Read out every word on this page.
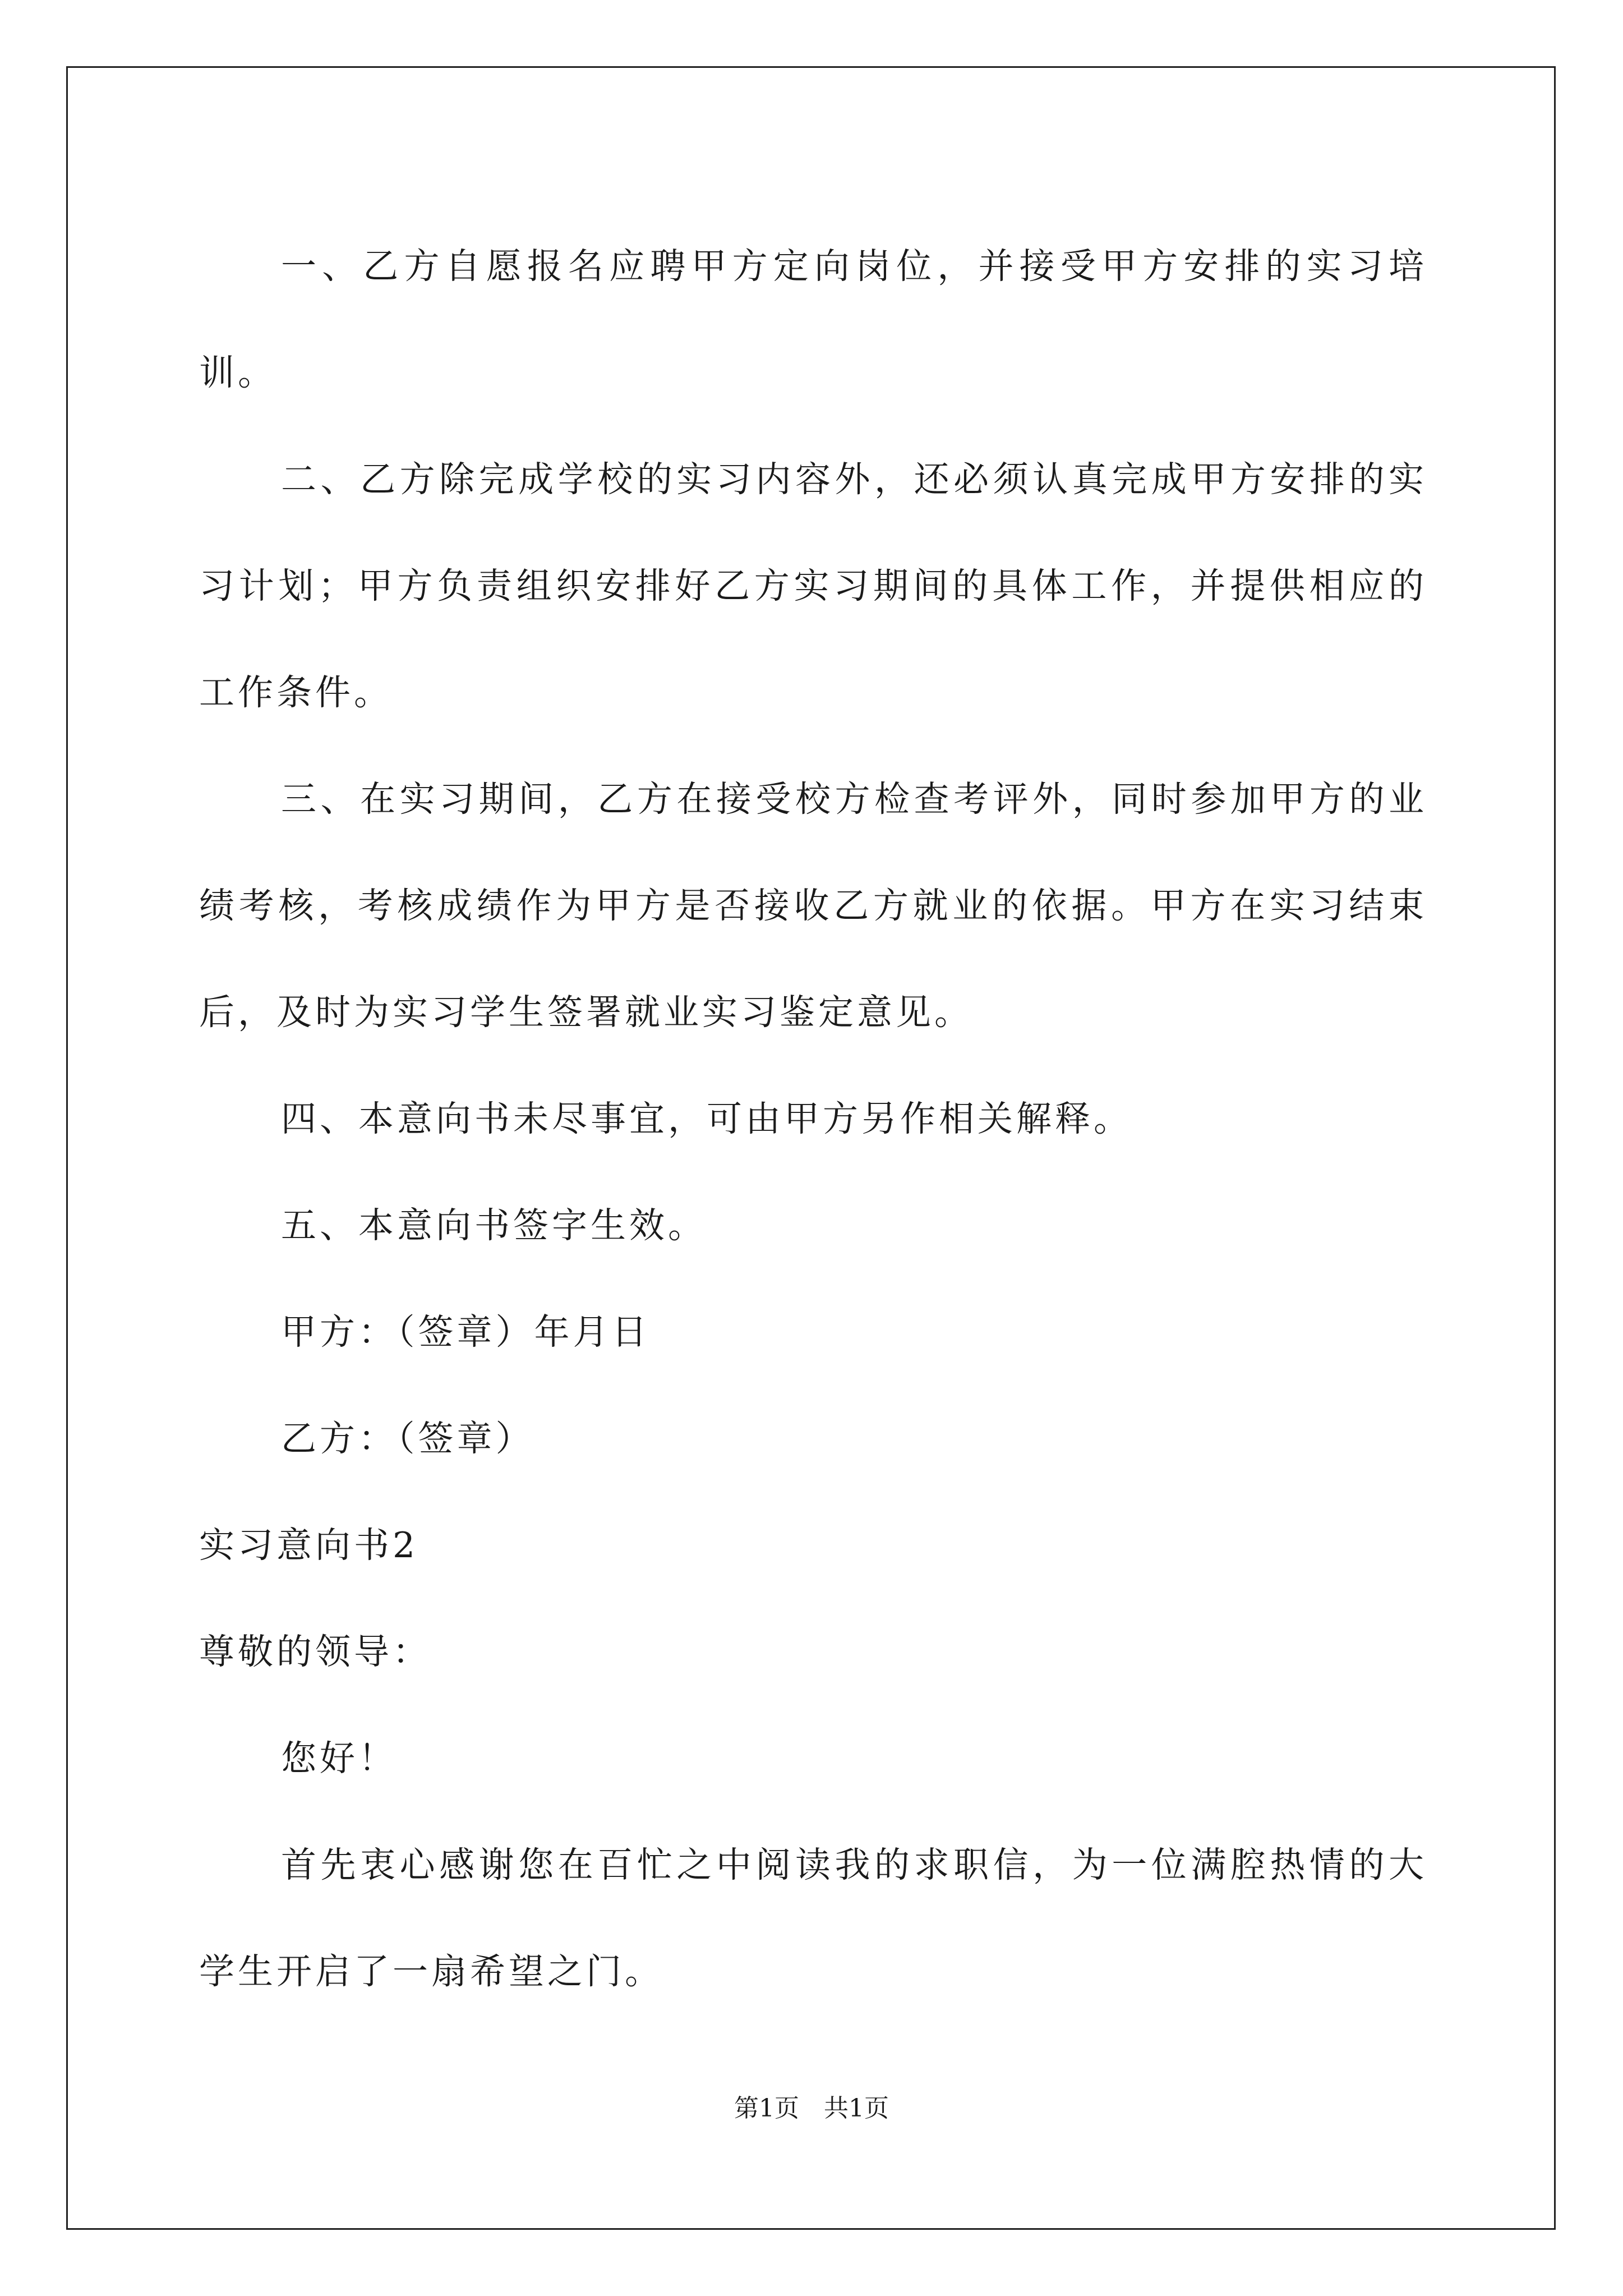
一、乙方自愿报名应聘甲方定向岗位，并接受甲方安排的实习培训。

二、乙方除完成学校的实习内容外，还必须认真完成甲方安排的实习计划；甲方负责组织安排好乙方实习期间的具体工作，并提供相应的工作条件。

三、在实习期间，乙方在接受校方检查考评外，同时参加甲方的业绩考核，考核成绩作为甲方是否接收乙方就业的依据。甲方在实习结束后，及时为实习学生签署就业实习鉴定意见。

四、本意向书未尽事宜，可由甲方另作相关解释。

五、本意向书签字生效。

甲方：（签章）年月日

乙方：（签章）

实习意向书2

尊敬的领导：

您好！

首先衷心感谢您在百忙之中阅读我的求职信，为一位满腔热情的大学生开启了一扇希望之门。

第1页 共1页
